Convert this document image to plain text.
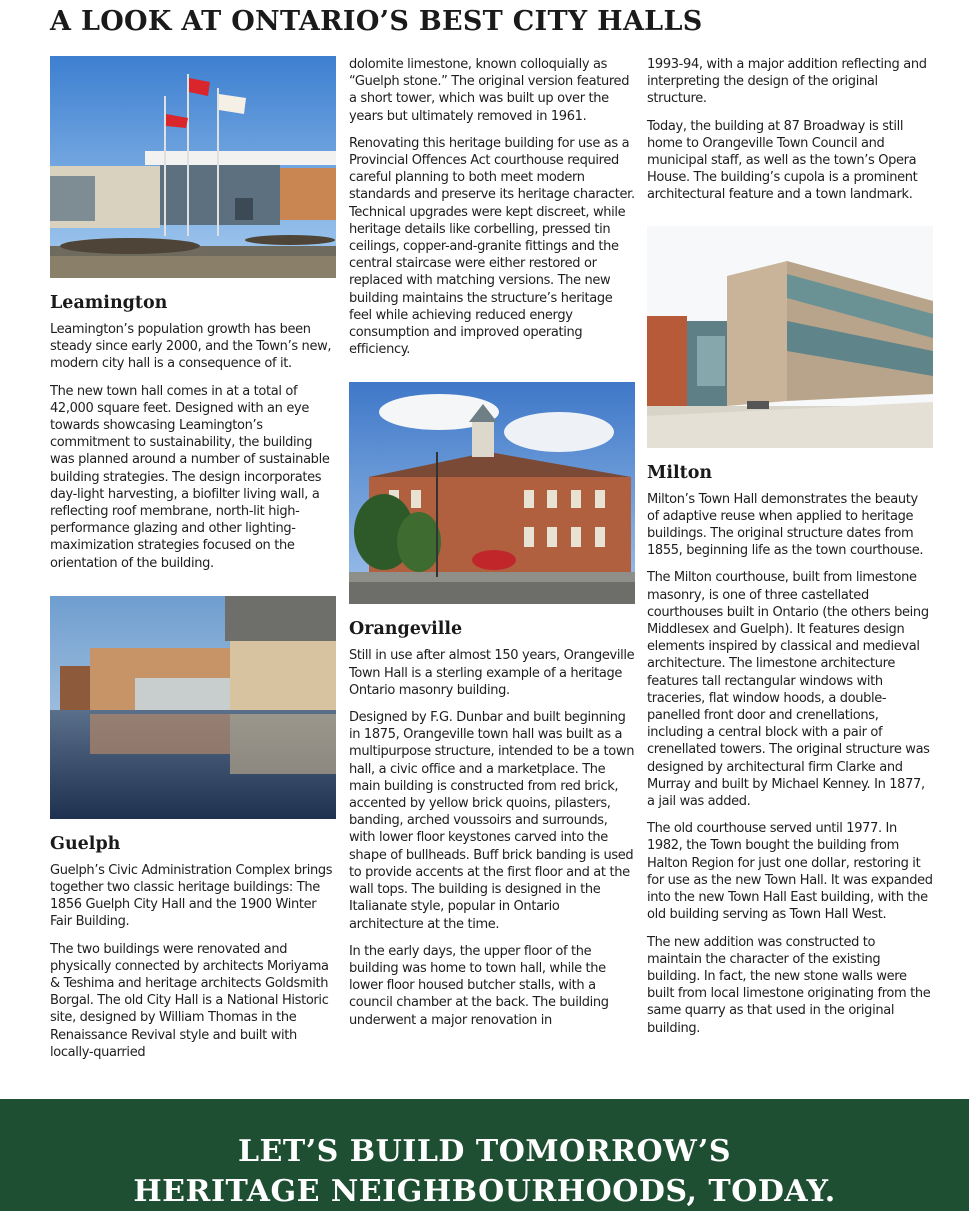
A LOOK AT ONTARIO’S BEST CITY HALLS
Leamington

Leamington’s population growth has been steady since early 2000, and the Town’s new, modern city hall is a consequence of it.

The new town hall comes in at a total of 42,000 square feet. Designed with an eye towards showcasing Leamington’s commitment to sustainability, the building was planned around a number of sustainable building strategies. The design incorporates day-light harvesting, a biofilter living wall, a reflecting roof membrane, north-lit high-performance glazing and other lighting-maximization strategies focused on the orientation of the building.

Guelph

Guelph’s Civic Administration Complex brings together two classic heritage buildings: The 1856 Guelph City Hall and the 1900 Winter Fair Building.

The two buildings were renovated and physically connected by architects Moriyama & Teshima and heritage architects Goldsmith Borgal. The old City Hall is a National Historic site, designed by William Thomas in the Renaissance Revival style and built with locally-quarried

dolomite limestone, known colloquially as “Guelph stone.” The original version featured a short tower, which was built up over the years but ultimately removed in 1961.

Renovating this heritage building for use as a Provincial Offences Act courthouse required careful planning to both meet modern standards and preserve its heritage character. Technical upgrades were kept discreet, while heritage details like corbelling, pressed tin ceilings, copper-and-granite fittings and the central staircase were either restored or replaced with matching versions. The new building maintains the structure’s heritage feel while achieving reduced energy consumption and improved operating efficiency.

Orangeville

Still in use after almost 150 years, Orangeville Town Hall is a sterling example of a heritage Ontario masonry building.

Designed by F.G. Dunbar and built beginning in 1875, Orangeville town hall was built as a multipurpose structure, intended to be a town hall, a civic office and a marketplace. The main building is constructed from red brick, accented by yellow brick quoins, pilasters, banding, arched voussoirs and surrounds, with lower floor keystones carved into the shape of bullheads. Buff brick banding is used to provide accents at the first floor and at the wall tops. The building is designed in the Italianate style, popular in Ontario architecture at the time.

In the early days, the upper floor of the building was home to town hall, while the lower floor housed butcher stalls, with a council chamber at the back. The building underwent a major renovation in

1993-94, with a major addition reflecting and interpreting the design of the original structure.

Today, the building at 87 Broadway is still home to Orangeville Town Council and municipal staff, as well as the town’s Opera House. The building’s cupola is a prominent architectural feature and a town landmark.

Milton

Milton’s Town Hall demonstrates the beauty of adaptive reuse when applied to heritage buildings. The original structure dates from 1855, beginning life as the town courthouse.

The Milton courthouse, built from limestone masonry, is one of three castellated courthouses built in Ontario (the others being Middlesex and Guelph). It features design elements inspired by classical and medieval architecture. The limestone architecture features tall rectangular windows with traceries, flat window hoods, a double-panelled front door and crenellations, including a central block with a pair of crenellated towers. The original structure was designed by architectural firm Clarke and Murray and built by Michael Kenney. In 1877, a jail was added.

The old courthouse served until 1977. In 1982, the Town bought the building from Halton Region for just one dollar, restoring it for use as the new Town Hall. It was expanded into the new Town Hall East building, with the old building serving as Town Hall West.

The new addition was constructed to maintain the character of the existing building. In fact, the new stone walls were built from local limestone originating from the same quarry as that used in the original building.

LET’S BUILD TOMORROW’S
HERITAGE NEIGHBOURHOODS, TODAY.
